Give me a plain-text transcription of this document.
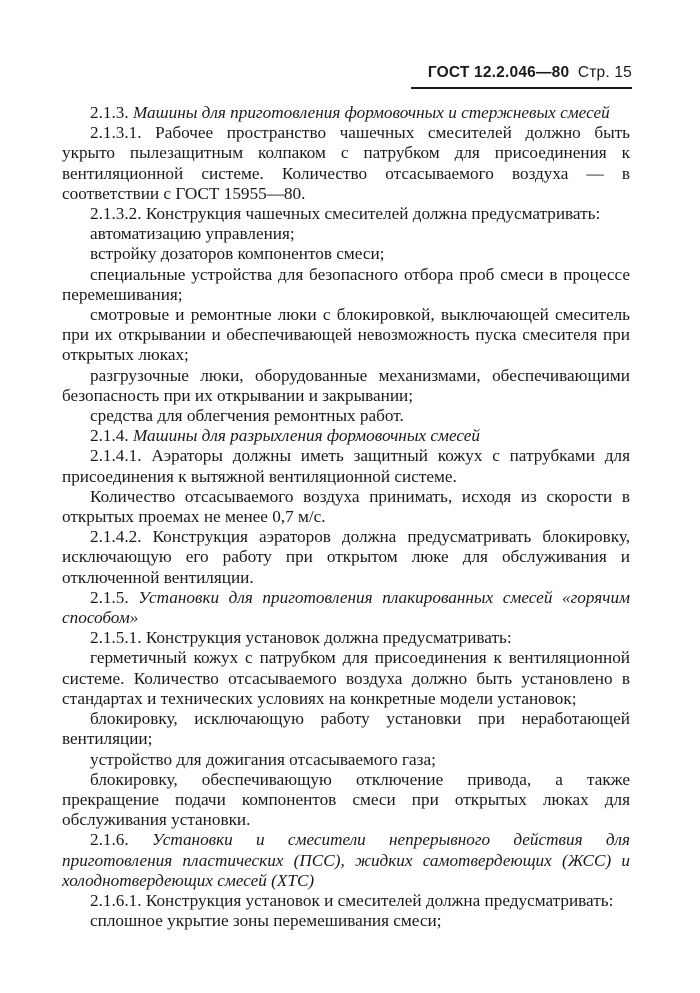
ГОСТ 12.2.046—80 Стр. 15

2.1.3. Машины для приготовления формовочных и стержневых смесей

2.1.3.1. Рабочее пространство чашечных смесителей должно быть укрыто пылезащитным колпаком с патрубком для присоединения к вентиляционной системе. Количество отсасываемого воздуха — в соответствии с ГОСТ 15955—80.

2.1.3.2. Конструкция чашечных смесителей должна предусматривать:

автоматизацию управления;

встройку дозаторов компонентов смеси;

специальные устройства для безопасного отбора проб смеси в процессе перемешивания;

смотровые и ремонтные люки с блокировкой, выключающей смеситель при их открывании и обеспечивающей невозможность пуска смесителя при открытых люках;

разгрузочные люки, оборудованные механизмами, обеспечивающими безопасность при их открывании и закрывании;

средства для облегчения ремонтных работ.

2.1.4. Машины для разрыхления формовочных смесей

2.1.4.1. Аэраторы должны иметь защитный кожух с патрубками для присоединения к вытяжной вентиляционной системе.

Количество отсасываемого воздуха принимать, исходя из скорости в открытых проемах не менее 0,7 м/с.

2.1.4.2. Конструкция аэраторов должна предусматривать блокировку, исключающую его работу при открытом люке для обслуживания и отключенной вентиляции.

2.1.5. Установки для приготовления плакированных смесей «горячим способом»

2.1.5.1. Конструкция установок должна предусматривать:

герметичный кожух с патрубком для присоединения к вентиляционной системе. Количество отсасываемого воздуха должно быть установлено в стандартах и технических условиях на конкретные модели установок;

блокировку, исключающую работу установки при неработающей вентиляции;

устройство для дожигания отсасываемого газа;

блокировку, обеспечивающую отключение привода, а также прекращение подачи компонентов смеси при открытых люках для обслуживания установки.

2.1.6. Установки и смесители непрерывного действия для приготовления пластических (ПСС), жидких самотвердеющих (ЖСС) и холоднотвердеющих смесей (ХТС)

2.1.6.1. Конструкция установок и смесителей должна предусматривать:

сплошное укрытие зоны перемешивания смеси;
